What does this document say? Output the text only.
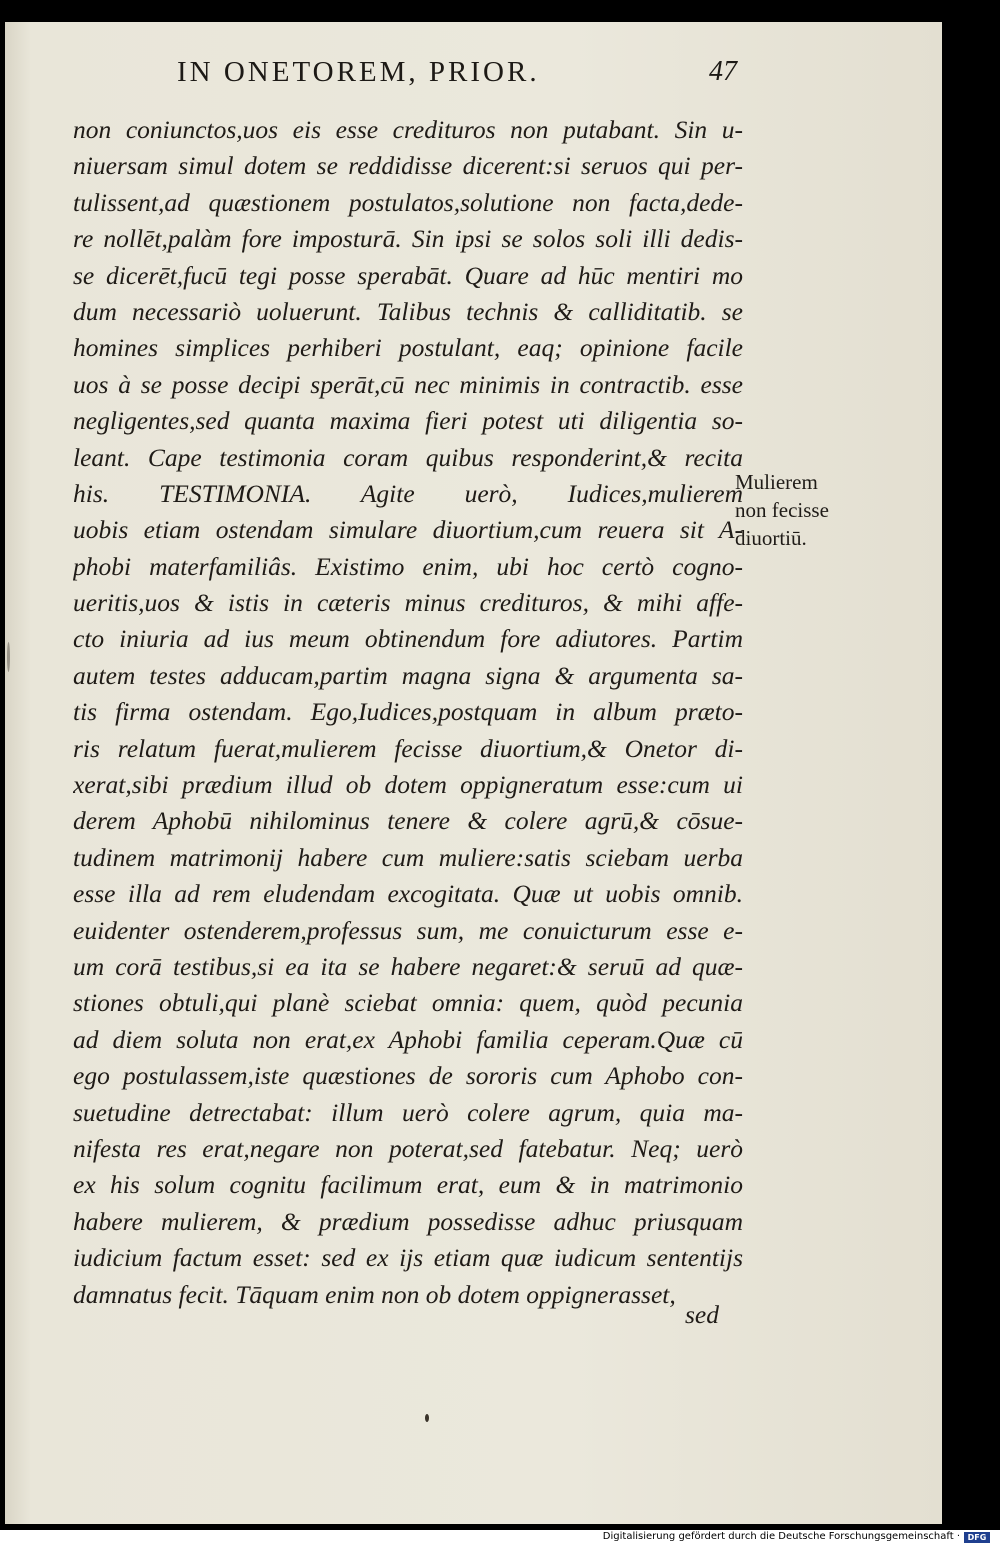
IN ONETOREM, PRIOR.	47
non coniunctos,uos eis esse credituros non putabant. Sin u-
niuersam simul dotem se reddidisse dicerent:si seruos qui per-
tulissent,ad quæstionem postulatos,solutione non facta,dede-
re nollēt,palàm fore imposturā. Sin ipsi se solos soli illi dedis-
se dicerēt,fucū tegi posse sperabāt. Quare ad hūc mentiri mo
dum necessariò uoluerunt. Talibus technis & calliditatib. se
homines simplices perhiberi postulant, eaq; opinione facile
uos à se posse decipi sperāt,cū nec minimis in contractib. esse
negligentes,sed quanta maxima fieri potest uti diligentia so-
leant. Cape testimonia coram quibus responderint,& recita
his. TESTIMONIA. Agite uerò, Iudices,mulierem
uobis etiam ostendam simulare diuortium,cum reuera sit A-
phobi materfamiliâs. Existimo enim, ubi hoc certò cogno-
ueritis,uos & istis in cæteris minus credituros, & mihi affe-
cto iniuria ad ius meum obtinendum fore adiutores. Partim
autem testes adducam,partim magna signa & argumenta sa-
tis firma ostendam. Ego,Iudices,postquam in album præto-
ris relatum fuerat,mulierem fecisse diuortium,& Onetor di-
xerat,sibi prædium illud ob dotem oppigneratum esse:cum ui
derem Aphobū nihilominus tenere & colere agrū,& cōsue-
tudinem matrimonij habere cum muliere:satis sciebam uerba
esse illa ad rem eludendam excogitata. Quæ ut uobis omnib.
euidenter ostenderem,professus sum, me conuicturum esse e-
um corā testibus,si ea ita se habere negaret:& seruū ad quæ-
stiones obtuli,qui planè sciebat omnia: quem, quòd pecunia
ad diem soluta non erat,ex Aphobi familia ceperam.Quæ cū
ego postulassem,iste quæstiones de sororis cum Aphobo con-
suetudine detrectabat: illum uerò colere agrum, quia ma-
nifesta res erat,negare non poterat,sed fatebatur. Neq; uerò
ex his solum cognitu facilimum erat, eum & in matrimonio
habere mulierem, & prædium possedisse adhuc priusquam
iudicium factum esset: sed ex ijs etiam quæ iudicum sententijs
damnatus fecit. Tāquam enim non ob dotem oppignerasset,
sed
Mulierem
non fecisse
diuortiū.
Digitalisierung gefördert durch die Deutsche Forschungsgemeinschaft · DFG
